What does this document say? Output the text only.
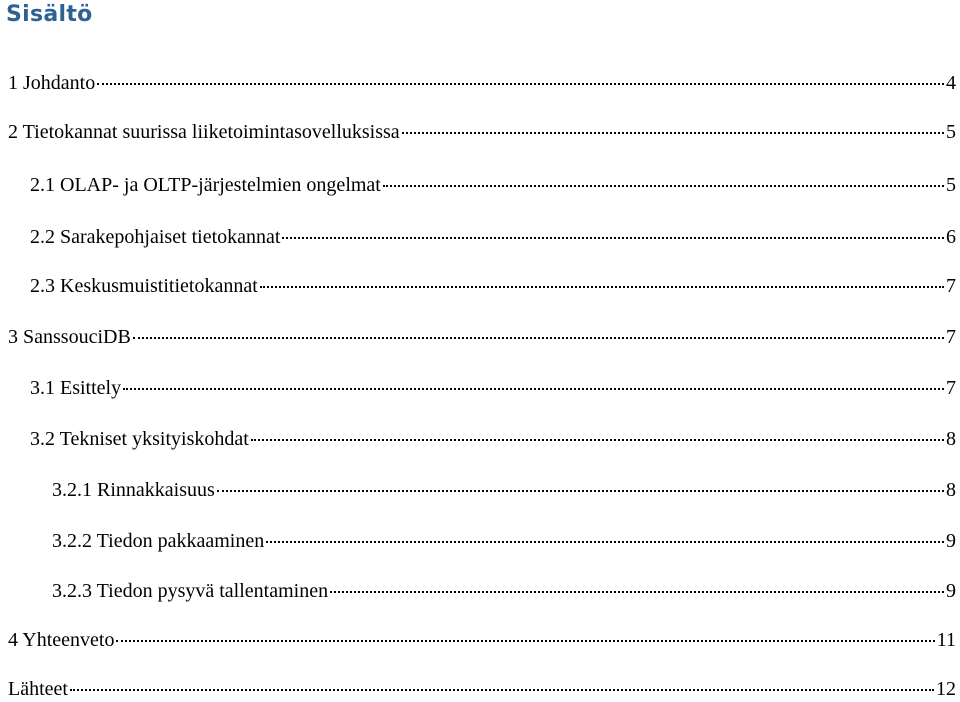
Sisältö
1 Johdanto	4
2 Tietokannat suurissa liiketoimintasovelluksissa	5
2.1 OLAP- ja OLTP-järjestelmien ongelmat	5
2.2 Sarakepohjaiset tietokannat	6
2.3 Keskusmuistitietokannat	7
3 SanssouciDB	7
3.1 Esittely	7
3.2 Tekniset yksityiskohdat	8
3.2.1 Rinnakkaisuus	8
3.2.2 Tiedon pakkaaminen	9
3.2.3 Tiedon pysyvä tallentaminen	9
4 Yhteenveto	11
Lähteet	12
